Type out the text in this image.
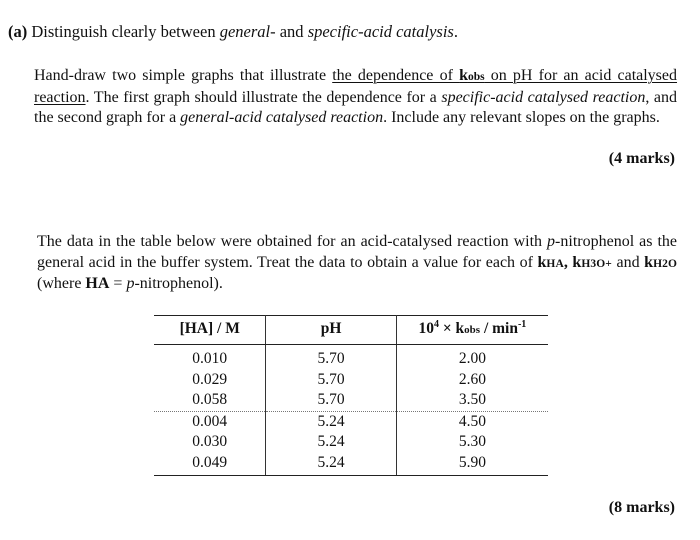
(a) Distinguish clearly between general- and specific-acid catalysis.
Hand-draw two simple graphs that illustrate the dependence of kobs on pH for an acid catalysed reaction. The first graph should illustrate the dependence for a specific-acid catalysed reaction, and the second graph for a general-acid catalysed reaction. Include any relevant slopes on the graphs.
(4 marks)
The data in the table below were obtained for an acid-catalysed reaction with p-nitrophenol as the general acid in the buffer system. Treat the data to obtain a value for each of kHA, kH3O+ and kH2O (where HA = p-nitrophenol).
[HA] / M	pH	$10^4$ × kobs / $\min^{-1}$
0.010	5.70	2.00
0.029	5.70	2.60
0.058	5.70	3.50
0.004	5.24	4.50
0.030	5.24	5.30
0.049	5.24	5.90
(8 marks)
